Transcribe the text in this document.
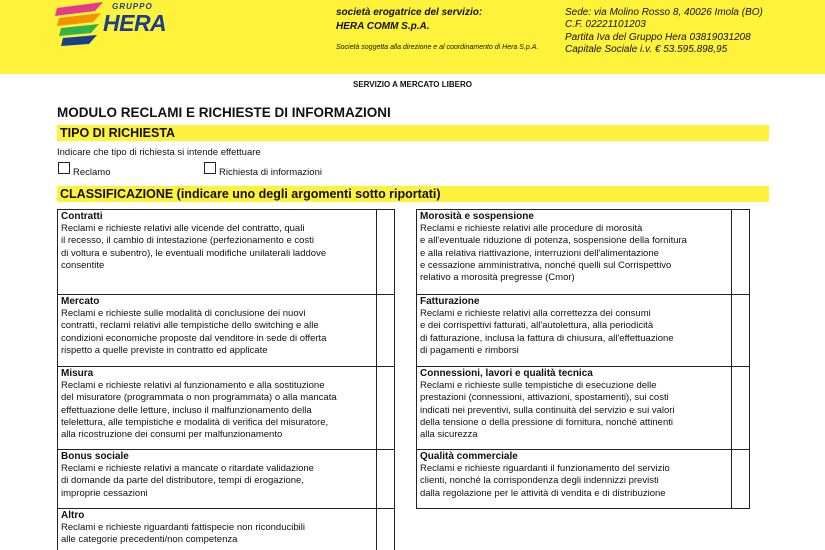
GRUPPO
HERA	società erogatrice del servizio:
HERA COMM S.p.A.
Società soggetta alla direzione e al coordinamento di Hera S.p.A.
Sede: via Molino Rosso 8, 40026 Imola (BO)
C.F. 02221101203
Partita Iva del Gruppo Hera 03819031208
Capitale Sociale i.v. € 53.595.898,95
SERVIZIO A MERCATO LIBERO
MODULO RECLAMI E RICHIESTE DI INFORMAZIONI
TIPO DI RICHIESTA
Indicare che tipo di richiesta si intende effettuare
Reclamo	Richiesta di informazioni
CLASSIFICAZIONE (indicare uno degli argomenti sotto riportati)
Contratti
Reclami e richieste relativi alle vicende del contratto, quali
il recesso, il cambio di intestazione (perfezionamento e costi
di voltura e subentro), le eventuali modifiche unilaterali laddove
consentite
Mercato
Reclami e richieste sulle modalità di conclusione dei nuovi
contratti, reclami relativi alle tempistiche dello switching e alle
condizioni economiche proposte dal venditore in sede di offerta
rispetto a quelle previste in contratto ed applicate
Misura
Reclami e richieste relativi al funzionamento e alla sostituzione
del misuratore (programmata o non programmata) o alla mancata
effettuazione delle letture, incluso il malfunzionamento della
telelettura, alle tempistiche e modalità di verifica del misuratore,
alla ricostruzione dei consumi per malfunzionamento
Bonus sociale
Reclami e richieste relativi a mancate o ritardate validazione
di domande da parte del distributore, tempi di erogazione,
improprie cessazioni
Altro
Reclami e richieste riguardanti fattispecie non riconducibili
alle categorie precedenti/non competenza
Morosità e sospensione
Reclami e richieste relativi alle procedure di morosità
e all'eventuale riduzione di potenza, sospensione della fornitura
e alla relativa riattivazione, interruzioni dell'alimentazione
e cessazione amministrativa, nonché quelli sul Corrispettivo
relativo a morosità pregresse (Cmor)
Fatturazione
Reclami e richieste relativi alla correttezza dei consumi
e dei corrispettivi fatturati, all'autolettura, alla periodicità
di fatturazione, inclusa la fattura di chiusura, all'effettuazione
di pagamenti e rimborsi
Connessioni, lavori e qualità tecnica
Reclami e richieste sulle tempistiche di esecuzione delle
prestazioni (connessioni, attivazioni, spostamenti), sui costi
indicati nei preventivi, sulla continuità del servizio e sui valori
della tensione o della pressione di fornitura, nonché attinenti
alla sicurezza
Qualità commerciale
Reclami e richieste riguardanti il funzionamento del servizio
clienti, nonché la corrispondenza degli indennizzi previsti
dalla regolazione per le attività di vendita e di distribuzione
